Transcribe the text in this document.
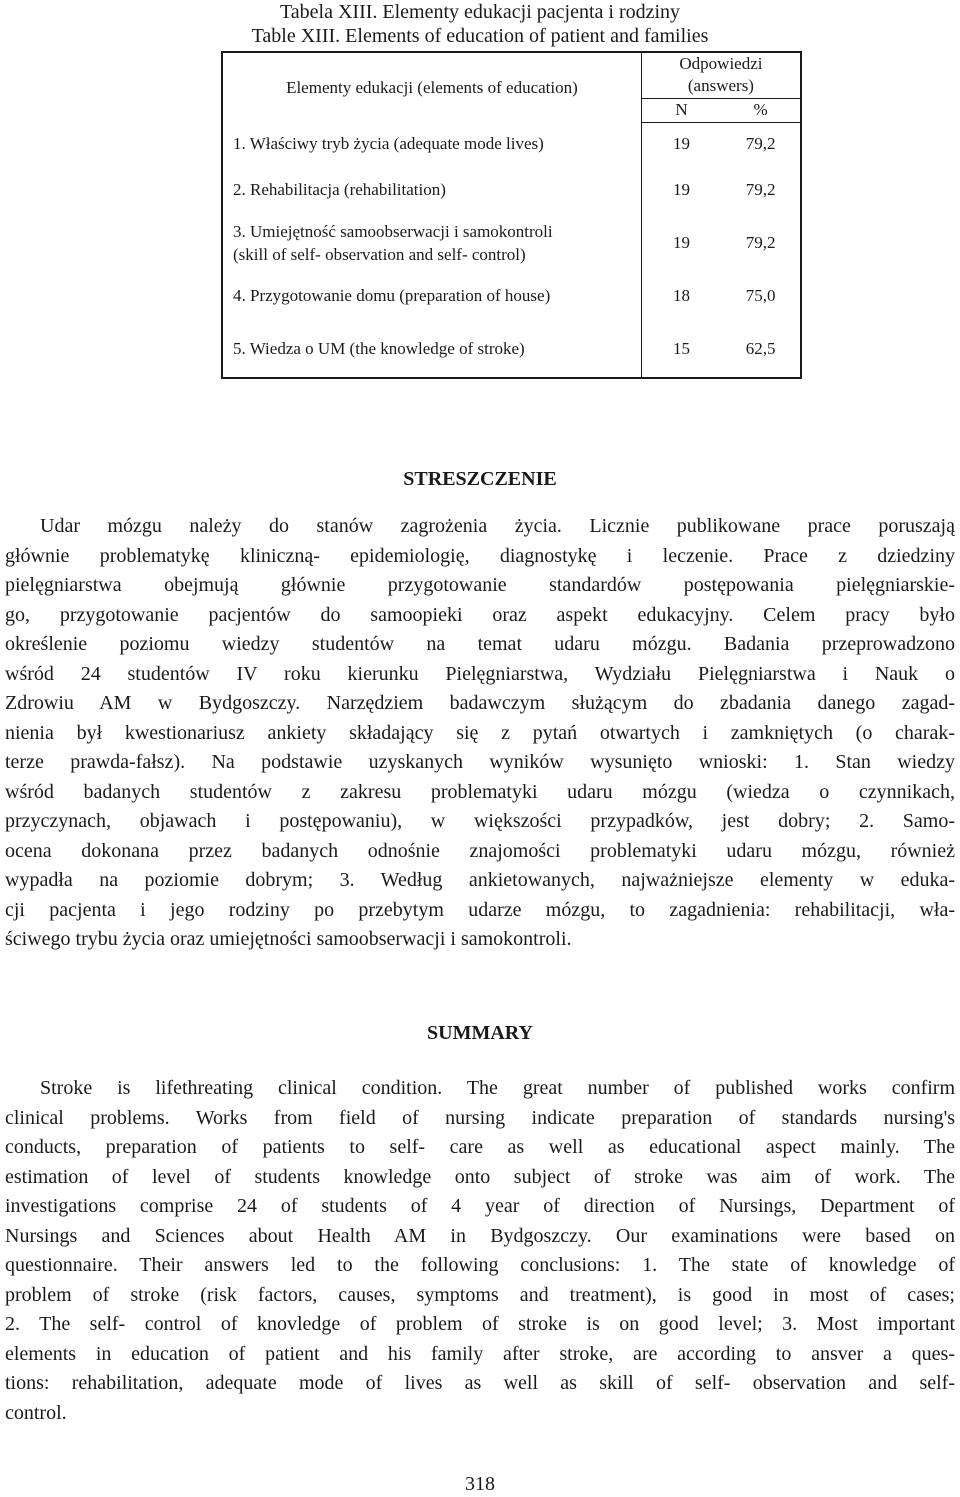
Tabela XIII. Elementy edukacji pacjenta i rodziny
Table XIII. Elements of education of patient and families
Elementy edukacji (elements of education)	Odpowiedzi
(answers)	
	N	%
1. Właściwy tryb życia (adequate mode lives)	19	79,2
2. Rehabilitacja (rehabilitation)	19	79,2
3. Umiejętność samoobserwacji i samokontroli
(skill of self- observation and self- control)	19	79,2
4. Przygotowanie domu (preparation of house)	18	75,0
5. Wiedza o UM (the knowledge of stroke)	15	62,5
STRESZCZENIE
Udar mózgu należy do stanów zagrożenia życia. Licznie publikowane prace poruszają
głównie problematykę kliniczną- epidemiologię, diagnostykę i leczenie. Prace z dziedziny
pielęgniarstwa obejmują głównie przygotowanie standardów postępowania pielęgniarskie-
go, przygotowanie pacjentów do samoopieki oraz aspekt edukacyjny. Celem pracy było
określenie poziomu wiedzy studentów na temat udaru mózgu. Badania przeprowadzono
wśród 24 studentów IV roku kierunku Pielęgniarstwa, Wydziału Pielęgniarstwa i Nauk o
Zdrowiu AM w Bydgoszczy. Narzędziem badawczym służącym do zbadania danego zagad-
nienia był kwestionariusz ankiety składający się z pytań otwartych i zamkniętych (o charak-
terze prawda-fałsz). Na podstawie uzyskanych wyników wysunięto wnioski: 1. Stan wiedzy
wśród badanych studentów z zakresu problematyki udaru mózgu (wiedza o czynnikach,
przyczynach, objawach i postępowaniu), w większości przypadków, jest dobry; 2. Samo-
ocena dokonana przez badanych odnośnie znajomości problematyki udaru mózgu, również
wypadła na poziomie dobrym; 3. Według ankietowanych, najważniejsze elementy w eduka-
cji pacjenta i jego rodziny po przebytym udarze mózgu, to zagadnienia: rehabilitacji, wła-
ściwego trybu życia oraz umiejętności samoobserwacji i samokontroli.
SUMMARY
Stroke is lifethreating clinical condition. The great number of published works confirm
clinical problems. Works from field of nursing indicate preparation of standards nursing's
conducts, preparation of patients to self- care as well as educational aspect mainly. The
estimation of level of students knowledge onto subject of stroke was aim of work. The
investigations comprise 24 of students of 4 year of direction of Nursings, Department of
Nursings and Sciences about Health AM in Bydgoszczy. Our examinations were based on
questionnaire. Their answers led to the following conclusions: 1. The state of knowledge of
problem of stroke (risk factors, causes, symptoms and treatment), is good in most of cases;
2. The self- control of knovledge of problem of stroke is on good level; 3. Most important
elements in education of patient and his family after stroke, are according to ansver a ques-
tions: rehabilitation, adequate mode of lives as well as skill of self- observation and self-
control.
318
